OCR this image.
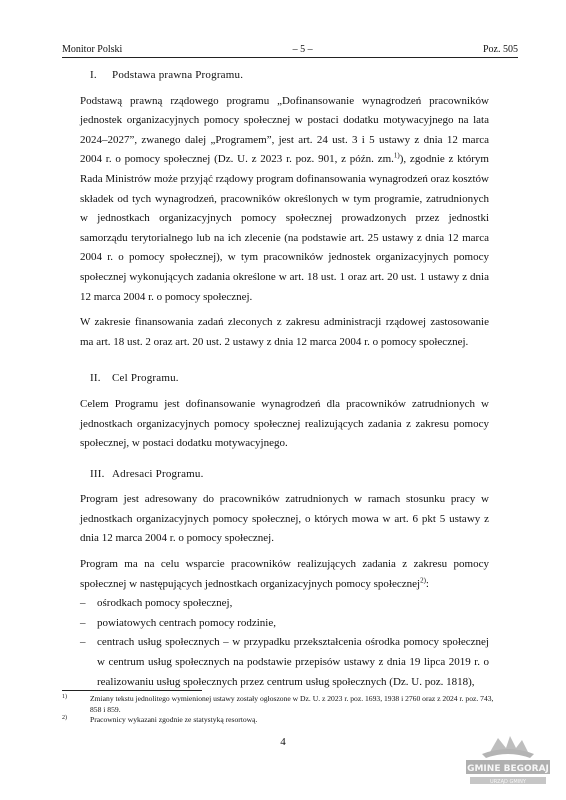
Monitor Polski	– 5 –	Poz. 505
I. Podstawa prawna Programu.

Podstawą prawną rządowego programu „Dofinansowanie wynagrodzeń pracowników jednostek organizacyjnych pomocy społecznej w postaci dodatku motywacyjnego na lata 2024–2027”, zwanego dalej „Programem”, jest art. 24 ust. 3 i 5 ustawy z dnia 12 marca 2004 r. o pomocy społecznej (Dz. U. z 2023 r. poz. 901, z późn. zm.$^{1)}$), zgodnie z którym Rada Ministrów może przyjąć rządowy program dofinansowania wynagrodzeń oraz kosztów składek od tych wynagrodzeń, pracowników określonych w tym programie, zatrudnionych w jednostkach organizacyjnych pomocy społecznej prowadzonych przez jednostki samorządu terytorialnego lub na ich zlecenie (na podstawie art. 25 ustawy z dnia 12 marca 2004 r. o pomocy społecznej), w tym pracowników jednostek organizacyjnych pomocy społecznej wykonujących zadania określone w art. 18 ust. 1 oraz art. 20 ust. 1 ustawy z dnia 12 marca 2004 r. o pomocy społecznej.

W zakresie finansowania zadań zleconych z zakresu administracji rządowej zastosowanie ma art. 18 ust. 2 oraz art. 20 ust. 2 ustawy z dnia 12 marca 2004 r. o pomocy społecznej.

II. Cel Programu.

Celem Programu jest dofinansowanie wynagrodzeń dla pracowników zatrudnionych w jednostkach organizacyjnych pomocy społecznej realizujących zadania z zakresu pomocy społecznej, w postaci dodatku motywacyjnego.

III. Adresaci Programu.

Program jest adresowany do pracowników zatrudnionych w ramach stosunku pracy w jednostkach organizacyjnych pomocy społecznej, o których mowa w art. 6 pkt 5 ustawy z dnia 12 marca 2004 r. o pomocy społecznej.

Program ma na celu wsparcie pracowników realizujących zadania z zakresu pomocy społecznej w następujących jednostkach organizacyjnych pomocy społecznej$^{2)}$:

– ośrodkach pomocy społecznej,
– powiatowych centrach pomocy rodzinie,
– centrach usług społecznych – w przypadku przekształcenia ośrodka pomocy społecznej w centrum usług społecznych na podstawie przepisów ustawy z dnia 19 lipca 2019 r. o realizowaniu usług społecznych przez centrum usług społecznych (Dz. U. poz. 1818),
1)	Zmiany tekstu jednolitego wymienionej ustawy zostały ogłoszone w Dz. U. z 2023 r. poz. 1693, 1938 i 2760 oraz z 2024 r. poz. 743, 858 i 859.
2)	Pracownicy wykazani zgodnie ze statystyką resortową.
4
GMINE BEGORAJ
URZĄD GMINY
